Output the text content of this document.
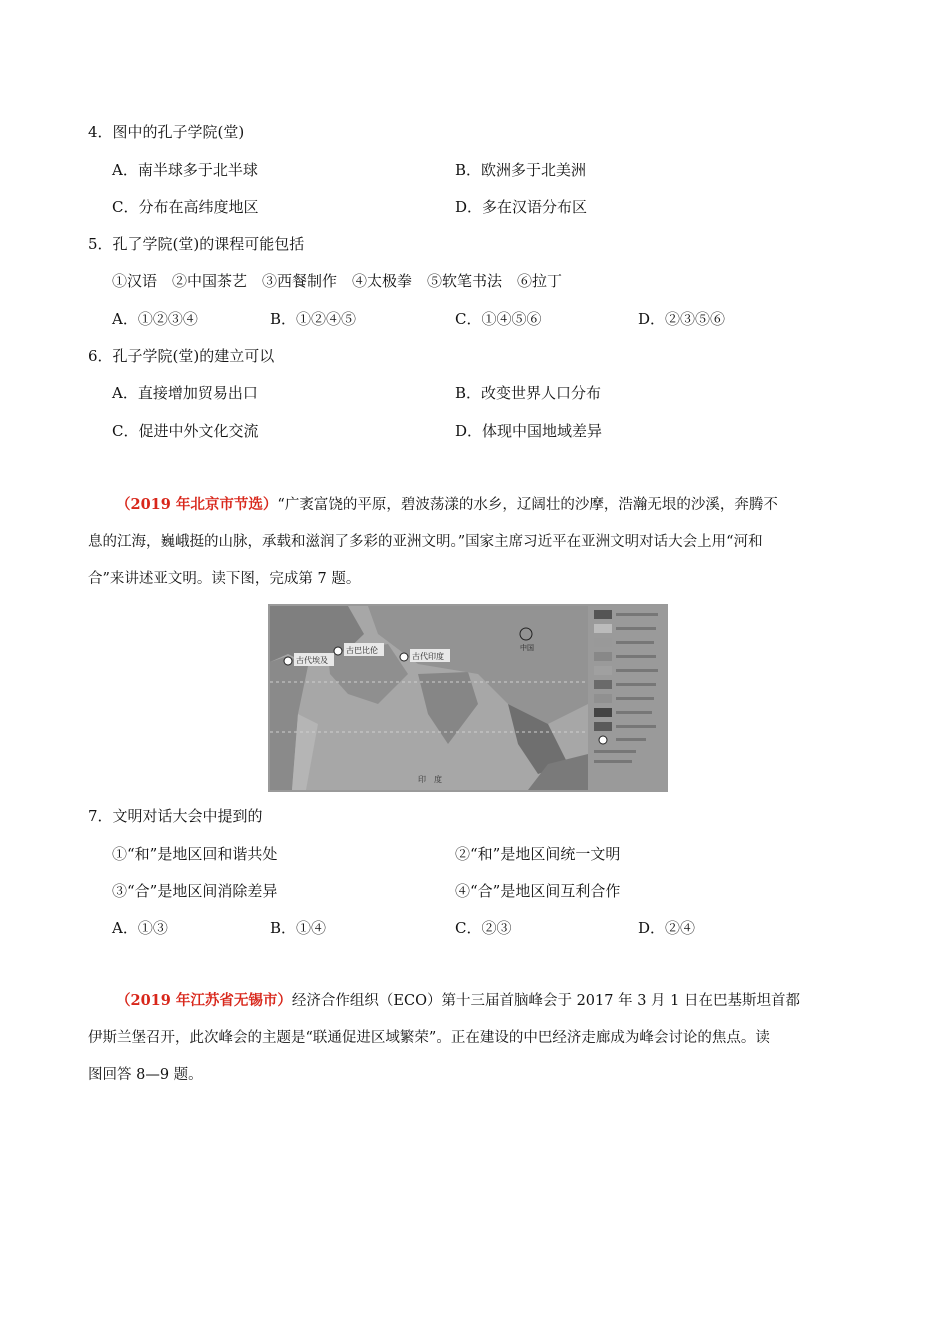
4．图中的孔子学院(堂)
A．南半球多于北半球	B．欧洲多于北美洲
C．分布在高纬度地区	D．多在汉语分布区
5．孔了学院(堂)的课程可能包括
①汉语　②中国茶艺　③西餐制作　④太极拳　⑤软笔书法　⑥拉丁
A．①②③④	B．①②④⑤	C．①④⑤⑥	D．②③⑤⑥
6．孔子学院(堂)的建立可以
A．直接增加贸易出口	B．改变世界人口分布
C．促进中外文化交流	D．体现中国地域差异
（2019 年北京市节选）“广袤富饶的平原，碧波荡漾的水乡，辽阔壮的沙摩，浩瀚无垠的沙溪，奔腾不
息的江海，巍峨挺的山脉，承载和滋润了多彩的亚洲文明。”国家主席习近平在亚洲文明对话大会上用“河和
合”来讲述亚文明。读下图，完成第 7 题。
古代埃及
古巴比伦
古代印度
中国
印　度
7．文明对话大会中提到的
①“和”是地区回和谐共处	②“和”是地区间统一文明
③“合”是地区间消除差异	④“合”是地区间互利合作
A．①③	B．①④	C．②③	D．②④
（2019 年江苏省无锡市）经济合作组织（ECO）第十三届首脑峰会于 2017 年 3 月 1 日在巴基斯坦首都
伊斯兰堡召开，此次峰会的主题是“联通促进区域繁荣”。正在建设的中巴经济走廊成为峰会讨论的焦点。读
图回答 8—9 题。
